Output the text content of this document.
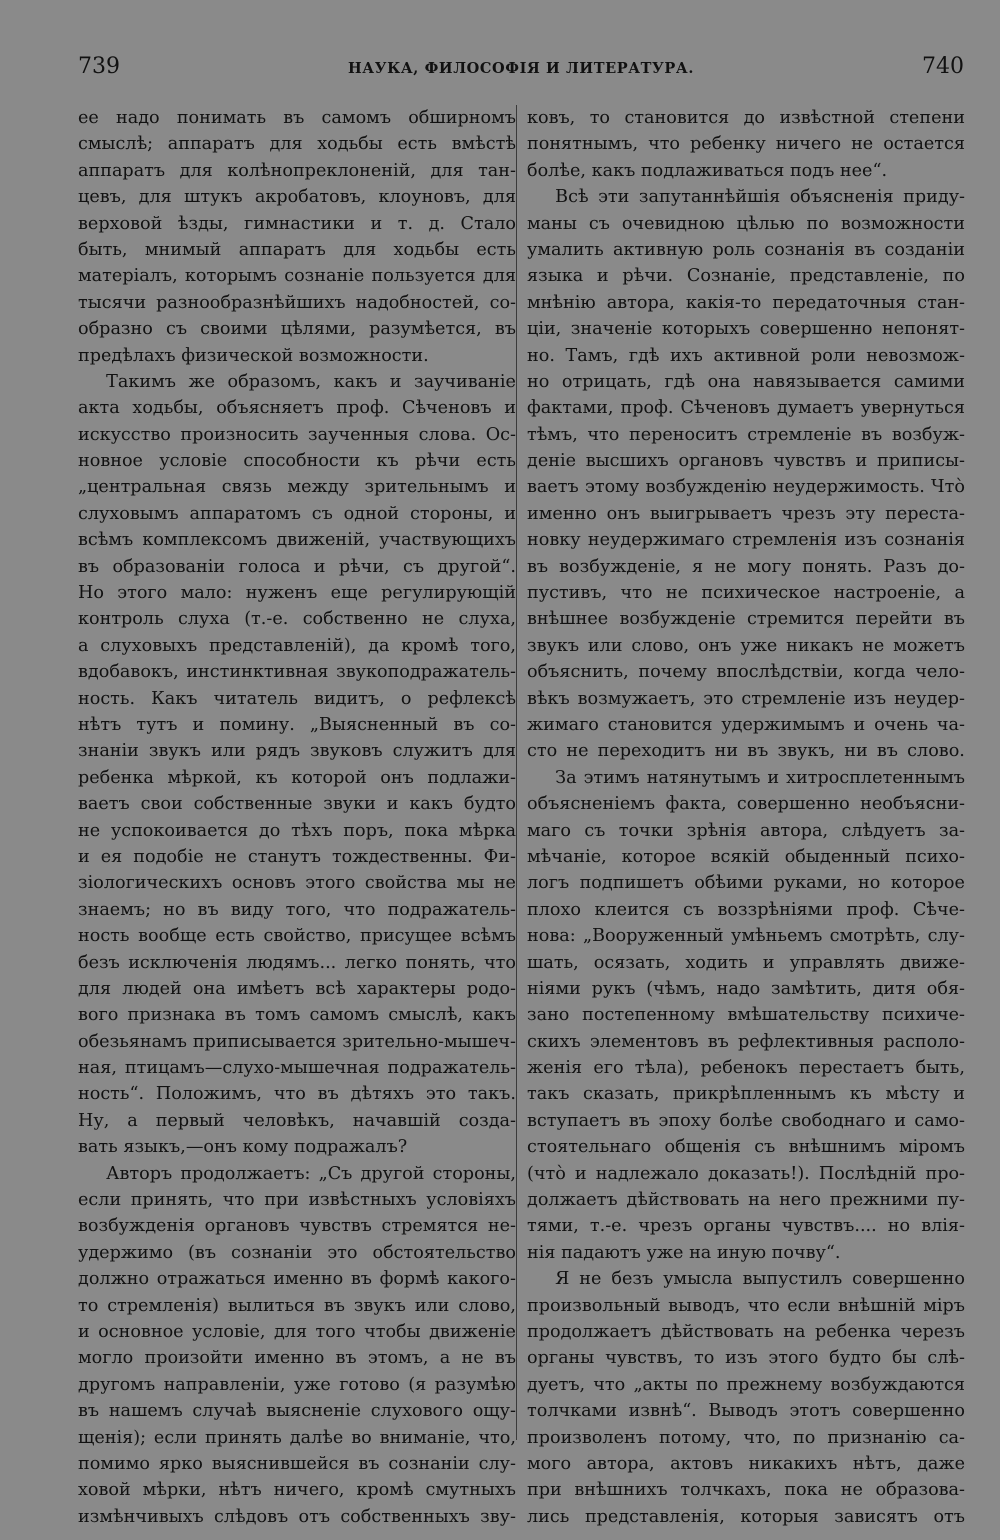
739	НАУКА, ФИЛОСОФІЯ И ЛИТЕРАТУРА.	740
ее надо понимать въ самомъ обширномъ
смыслѣ; аппаратъ для ходьбы есть вмѣстѣ
аппаратъ для колѣнопреклоненій, для тан-
цевъ, для штукъ акробатовъ, клоуновъ, для
верховой ѣзды, гимнастики и т. д. Стало
быть, мнимый аппаратъ для ходьбы есть
матеріалъ, которымъ сознаніе пользуется для
тысячи разнообразнѣйшихъ надобностей, со-
образно съ своими цѣлями, разумѣется, въ
предѣлахъ физической возможности.
Такимъ же образомъ, какъ и заучиваніе
акта ходьбы, объясняетъ проф. Сѣченовъ и
искусство произносить заученныя слова. Ос-
новное условіе способности къ рѣчи есть
„центральная связь между зрительнымъ и
слуховымъ аппаратомъ съ одной стороны, и
всѣмъ комплексомъ движеній, участвующихъ
въ образованіи голоса и рѣчи, съ другой“.
Но этого мало: нуженъ еще регулирующій
контроль слуха (т.-е. собственно не слуха,
а слуховыхъ представленій), да кромѣ того,
вдобавокъ, инстинктивная звукоподражатель-
ность. Какъ читатель видитъ, о рефлексѣ
нѣтъ тутъ и помину. „Выясненный въ со-
знаніи звукъ или рядъ звуковъ служитъ для
ребенка мѣркой, къ которой онъ подлажи-
ваетъ свои собственные звуки и какъ будто
не успокоивается до тѣхъ поръ, пока мѣрка
и ея подобіе не станутъ тождественны. Фи-
зіологическихъ основъ этого свойства мы не
знаемъ; но въ виду того, что подражатель-
ность вообще есть свойство, присущее всѣмъ
безъ исключенія людямъ... легко понять, что
для людей она имѣетъ всѣ характеры родо-
вого признака въ томъ самомъ смыслѣ, какъ
обезьянамъ приписывается зрительно-мышеч-
ная, птицамъ—слухо-мышечная подражатель-
ность“. Положимъ, что въ дѣтяхъ это такъ.
Ну, а первый человѣкъ, начавшій созда-
вать языкъ,—онъ кому подражалъ?
Авторъ продолжаетъ: „Съ другой стороны,
если принять, что при извѣстныхъ условіяхъ
возбужденія органовъ чувствъ стремятся не-
удержимо (въ сознаніи это обстоятельство
должно отражаться именно въ формѣ какого-
то стремленія) вылиться въ звукъ или слово,
и основное условіе, для того чтобы движеніе
могло произойти именно въ этомъ, а не въ
другомъ направленіи, уже готово (я разумѣю
въ нашемъ случаѣ выясненіе слухового ощу-
щенія); если принять далѣе во вниманіе, что,
помимо ярко выяснившейся въ сознаніи слу-
ховой мѣрки, нѣтъ ничего, кромѣ смутныхъ
измѣнчивыхъ слѣдовъ отъ собственныхъ зву-
ковъ, то становится до извѣстной степени
понятнымъ, что ребенку ничего не остается
болѣе, какъ подлаживаться подъ нее“.
Всѣ эти запутаннѣйшія объясненія приду-
маны съ очевидною цѣлью по возможности
умалить активную роль сознанія въ созданіи
языка и рѣчи. Сознаніе, представленіе, по
мнѣнію автора, какія-то передаточныя стан-
ціи, значеніе которыхъ совершенно непонят-
но. Тамъ, гдѣ ихъ активной роли невозмож-
но отрицать, гдѣ она навязывается самими
фактами, проф. Сѣченовъ думаетъ увернуться
тѣмъ, что переноситъ стремленіе въ возбуж-
деніе высшихъ органовъ чувствъ и приписы-
ваетъ этому возбужденію неудержимость. Что̀
именно онъ выигрываетъ чрезъ эту переста-
новку неудержимаго стремленія изъ сознанія
въ возбужденіе, я не могу понять. Разъ до-
пустивъ, что не психическое настроеніе, а
внѣшнее возбужденіе стремится перейти въ
звукъ или слово, онъ уже никакъ не можетъ
объяснить, почему впослѣдствіи, когда чело-
вѣкъ возмужаетъ, это стремленіе изъ неудер-
жимаго становится удержимымъ и очень ча-
сто не переходитъ ни въ звукъ, ни въ слово.
За этимъ натянутымъ и хитросплетеннымъ
объясненіемъ факта, совершенно необъясни-
маго съ точки зрѣнія автора, слѣдуетъ за-
мѣчаніе, которое всякій обыденный психо-
логъ подпишетъ обѣими руками, но которое
плохо клеится съ воззрѣніями проф. Сѣче-
нова: „Вооруженный умѣньемъ смотрѣть, слу-
шать, осязать, ходить и управлять движе-
ніями рукъ (чѣмъ, надо замѣтить, дитя обя-
зано постепенному вмѣшательству психиче-
скихъ элементовъ въ рефлективныя располо-
женія его тѣла), ребенокъ перестаетъ быть,
такъ сказать, прикрѣпленнымъ къ мѣсту и
вступаетъ въ эпоху болѣе свободнаго и само-
стоятельнаго общенія съ внѣшнимъ міромъ
(что̀ и надлежало доказать!). Послѣдній про-
должаетъ дѣйствовать на него прежними пу-
тями, т.-е. чрезъ органы чувствъ.... но влія-
нія падаютъ уже на иную почву“.
Я не безъ умысла выпустилъ совершенно
произвольный выводъ, что если внѣшній міръ
продолжаетъ дѣйствовать на ребенка черезъ
органы чувствъ, то изъ этого будто бы слѣ-
дуетъ, что „акты по прежнему возбуждаются
толчками извнѣ“. Выводъ этотъ совершенно
произволенъ потому, что, по признанію са-
мого автора, актовъ никакихъ нѣтъ, даже
при внѣшнихъ толчкахъ, пока не образова-
лись представленія, которыя зависятъ отъ
